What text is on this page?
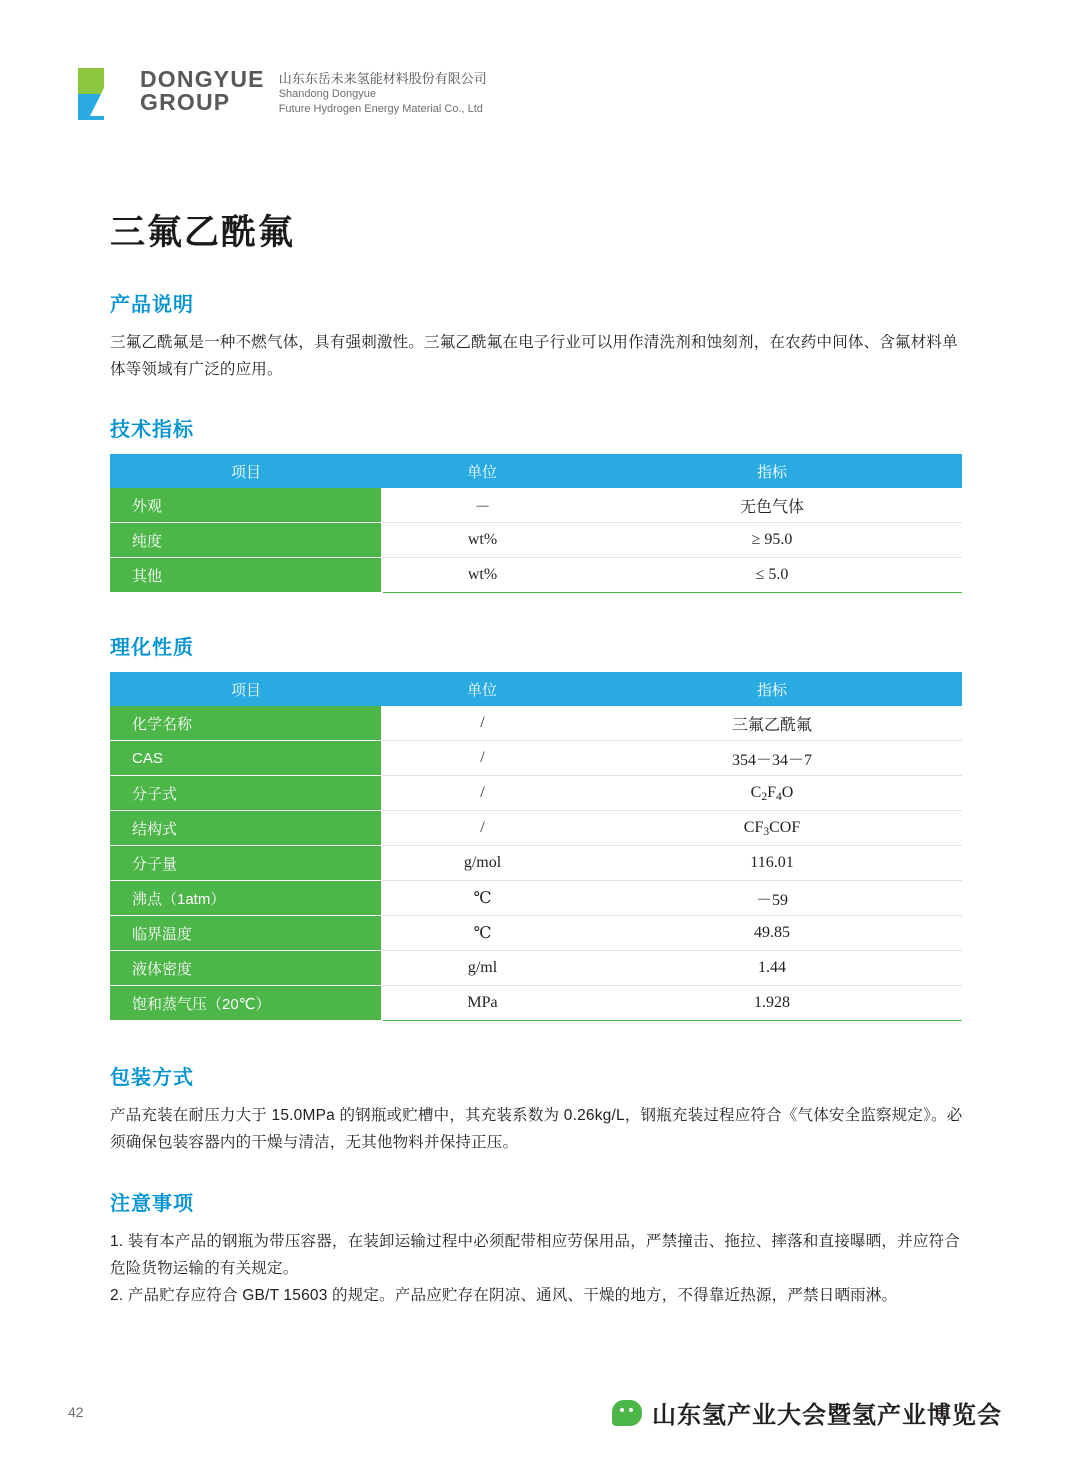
DONGYUE
GROUP
山东东岳未来氢能材料股份有限公司
Shandong Dongyue
Future Hydrogen Energy Material Co., Ltd
三氟乙酰氟
产品说明

三氟乙酰氟是一种不燃气体，具有强刺激性。三氟乙酰氟在电子行业可以用作清洗剂和蚀刻剂，在农药中间体、含氟材料单体等领域有广泛的应用。

技术指标
项目	单位	指标
外观	－	无色气体
纯度	wt%	≥ 95.0
其他	wt%	≤ 5.0
理化性质
项目	单位	指标
化学名称	/	三氟乙酰氟
CAS	/	354－34－7
分子式	/	$C_2F_4O$
结构式	/	$CF_3COF$
分子量	g/mol	116.01
沸点（1atm）	℃	－59
临界温度	℃	49.85
液体密度	g/ml	1.44
饱和蒸气压（20℃）	MPa	1.928
包装方式

产品充装在耐压力大于 15.0MPa 的钢瓶或贮槽中，其充装系数为 0.26kg/L，钢瓶充装过程应符合《气体安全监察规定》。必须确保包装容器内的干燥与清洁，无其他物料并保持正压。

注意事项

1. 装有本产品的钢瓶为带压容器，在装卸运输过程中必须配带相应劳保用品，严禁撞击、拖拉、摔落和直接曝晒，并应符合危险货物运输的有关规定。

2. 产品贮存应符合 GB/T 15603 的规定。产品应贮存在阴凉、通风、干燥的地方，不得靠近热源，严禁日晒雨淋。

42	山东氢产业大会暨氢产业博览会
